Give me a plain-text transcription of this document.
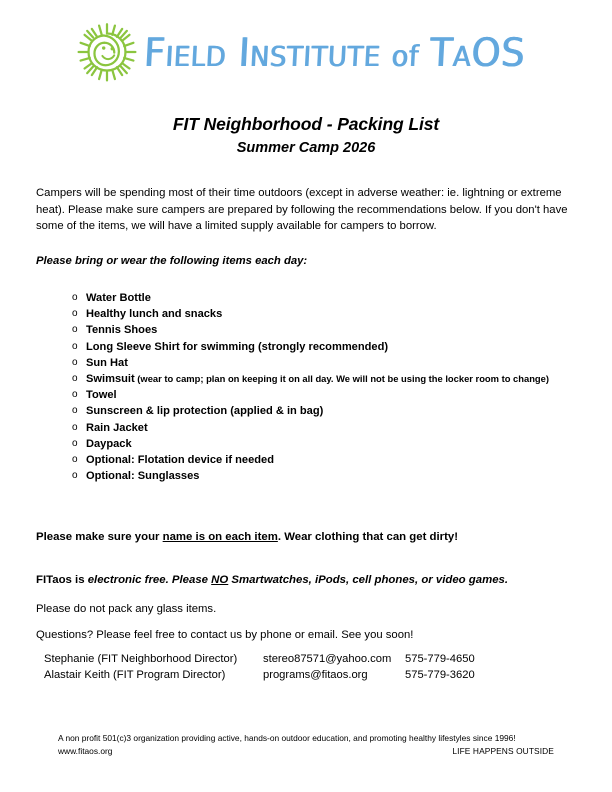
FIELD INSTITUTE of TAOS
FIT Neighborhood - Packing List
Summer Camp 2026
Campers will be spending most of their time outdoors (except in adverse weather: ie. lightning or extreme heat). Please make sure campers are prepared by following the recommendations below. If you don't have some of the items, we will have a limited supply available for campers to borrow.
Please bring or wear the following items each day:
o Water Bottle
o Healthy lunch and snacks
o Tennis Shoes
o Long Sleeve Shirt for swimming (strongly recommended)
o Sun Hat
o Swimsuit (wear to camp; plan on keeping it on all day. We will not be using the locker room to change)
o Towel
o Sunscreen & lip protection (applied & in bag)
o Rain Jacket
o Daypack
o Optional: Flotation device if needed
o Optional: Sunglasses
Please make sure your name is on each item. Wear clothing that can get dirty!
FITaos is electronic free. Please NO Smartwatches, iPods, cell phones, or video games.
Please do not pack any glass items.
Questions? Please feel free to contact us by phone or email. See you soon!
Stephanie (FIT Neighborhood Director)	stereo87571@yahoo.com	575-779-4650
Alastair Keith (FIT Program Director)	programs@fitaos.org	575-779-3620
A non profit 501(c)3 organization providing active, hands-on outdoor education, and promoting healthy lifestyles since 1996!
www.fitaos.org	LIFE HAPPENS OUTSIDE
